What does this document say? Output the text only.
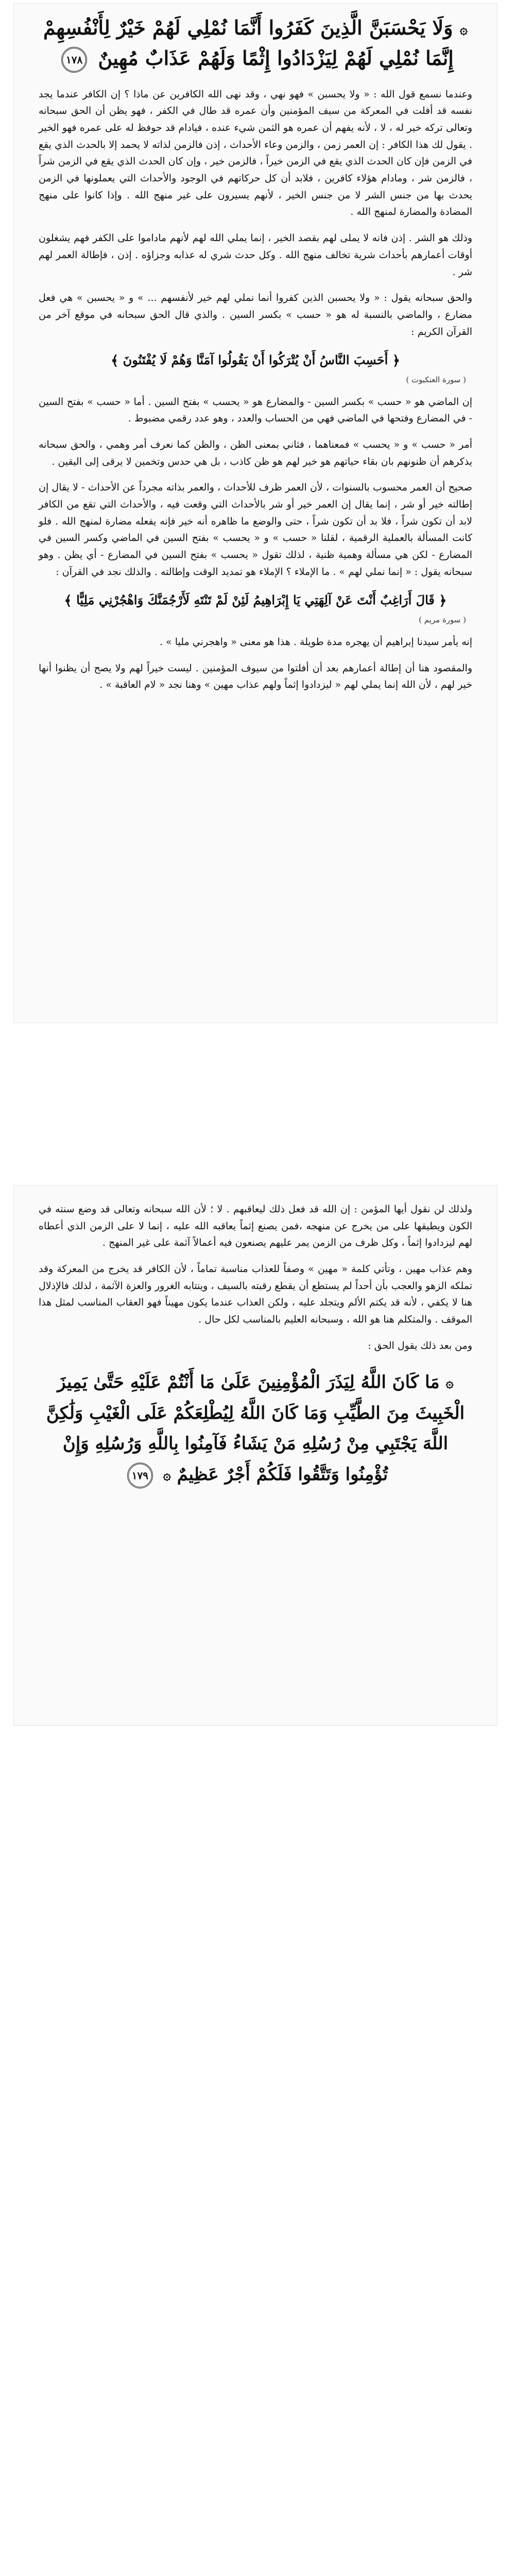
۞ وَلَا يَحْسَبَنَّ الَّذِينَ كَفَرُوا أَنَّمَا نُمْلِي لَهُمْ خَيْرٌ لِأَنْفُسِهِمْ إِنَّمَا نُمْلِي لَهُمْ لِيَزْدَادُوا إِثْمًا وَلَهُمْ عَذَابٌ مُهِينٌ ١٧٨

وعندما نسمع قول الله : « ولا يحسبن » فهو نهي ، وقد نهى الله الكافرين عن ماذا ؟ إن الكافر عندما يجد نفسه قد أفلت في المعركة من سيف المؤمنين وأن عمره قد طال في الكفر ، فهو يظن أن الحق سبحانه وتعالى تركه خير له ، لا ، لأنه يفهم أن عمره هو الثمن شيء عنده ، فيادام قد حوفظ له على عمره فهو الخير . يقول لك هذا الكافر : إن العمر زمن ، والزمن وعاء الأحداث ، إذن فالزمن لذاته لا يحمد إلا بالحدث الذي يقع في الزمن فإن كان الحدث الذي يقع في الزمن خيراً ، فالزمن خير ، وإن كان الحدث الذي يقع في الزمن شراً ، فالزمن شر ، ومادام هؤلاء كافرين ، فلابد أن كل حركاتهم في الوجود والأحداث التي يعملونها في الزمن يحدث بها من جنس الشر لا من جنس الخير ، لأنهم يسيرون على غير منهج الله . وإذا كانوا على منهج المضادة والمضارة لمنهج الله .

وذلك هو الشر . إذن فانه لا يملى لهم بقصد الخير ، إنما يملي الله لهم لأنهم ماداموا على الكفر فهم يشغلون أوقات أعمارهم بأحداث شرية تخالف منهج الله . وكل حدث شري له عذابه وجزاؤه . إذن ، فإطالة العمر لهم شر .

والحق سبحانه يقول : « ولا يحسبن الذين كفروا أنما نملي لهم خير لأنفسهم ... » و « يحسبن » هي فعل مضارع ، والماضي بالنسبة له هو « حسب » بكسر السين . والذي قال الحق سبحانه في موقع آخر من القرآن الكريم :

﴿ أَحَسِبَ النَّاسُ أَنْ يُتْرَكُوا أَنْ يَقُولُوا آمَنَّا وَهُمْ لَا يُفْتَنُونَ ﴾
( سورة العنكبوت )

إن الماضي هو « حسب » بكسر السين - والمضارع هو « يحسب » بفتح السين . أما « حسب » بفتح السين - في المضارع وفتحها في الماضي فهي من الحساب والعدد ، وهو عدد رقمي مضبوط .

أمر « حسب » و « يحسب » فمعناهما ، فثاني بمعنى الظن ، والظن كما نعرف أمر وهمي ، والحق سبحانه يذكرهم أن ظنونهم بان بقاء حياتهم هو خير لهم هو ظن كاذب ، بل هي حدس وتخمين لا يرقى إلى اليقين .

صحيح أن العمر محسوب بالسنوات ، لأن العمر ظرف للأحداث ، والعمر بذاته مجرداً عن الأحداث - لا يقال إن إطالته خير أو شر ، إنما يقال إن العمر خير أو شر بالأحداث التي وقعت فيه ، والأحداث التي تقع من الكافر لابد أن تكون شراً ، فلا بد أن تكون شراً ، حتى والوضع ما ظاهره أنه خير فإنه يفعله مضارة لمنهج الله . فلو كانت المسألة بالعملية الرقمية ، لقلنا « حسب » و « يحسب » بفتح السين في الماضي وكسر السين في المضارع - لكن هي مسألة وهمية ظنية ، لذلك تقول « يحسب » بفتح السين في المضارع - أي يظن . وهو سبحانه يقول : « إنما نملي لهم » . ما الإملاء ؟ الإملاء هو تمديد الوقت وإطالته . والذلك نجد في القرآن :

﴿ قَالَ أَرَاغِبٌ أَنْتَ عَنْ آلِهَتِي يَا إِبْرَاهِيمُ لَئِنْ لَمْ تَنْتَهِ لَأَرْجُمَنَّكَ وَاهْجُرْنِي مَلِيًّا ﴾
( سورة مريم )

إنه يأمر سيدنا إبراهيم أن يهجره مدة طويلة . هذا هو معنى « واهجرني مليا » .

والمقصود هنا أن إطالة أعمارهم بعد أن أفلتوا من سيوف المؤمنين . ليست خيراً لهم ولا يصح أن يظنوا أنها خير لهم ، لأن الله إنما يملي لهم « ليزدادوا إثماً ولهم عذاب مهين » وهنا نجد « لام العاقبة » .

ولذلك لن نقول أيها المؤمن : إن الله قد فعل ذلك ليعاقبهم . لا ؛ لأن الله سبحانه وتعالى قد وضع سنته في الكون ويطيقها على من يخرج عن منهجه ،فمن يصنع إثماً يعاقبه الله عليه ، إنما لا على الزمن الذي أعطاه لهم ليزدادوا إثماً ، وكل ظرف من الزمن يمر عليهم يصنعون فيه أعمالاً آثمة على غير المنهج .

وهم عذاب مهين ، وتأتي كلمة « مهين » وصفاً للعذاب مناسبة تماماً ، لأن الكافر قد يخرج من المعركة وقد تملكه الزهو والعجب بأن أحداً لم يستطع أن يقطع رقبته بالسيف ، وينتابه الغرور والعزة الآثمة ، لذلك فالإذلال هنا لا يكفي ، لأنه قد يكتم الألم ويتجلد عليه ، ولكن العذاب عندما يكون مهيناً فهو العقاب المناسب لمثل هذا الموقف . والمتكلم هنا هو الله ، وسبحانه العليم بالمناسب لكل حال .

ومن بعد ذلك يقول الحق :

۞ مَا كَانَ اللَّهُ لِيَذَرَ الْمُؤْمِنِينَ عَلَىٰ مَا أَنْتُمْ عَلَيْهِ حَتَّىٰ يَمِيزَ الْخَبِيثَ مِنَ الطَّيِّبِ وَمَا كَانَ اللَّهُ لِيُطْلِعَكُمْ عَلَى الْغَيْبِ وَلَٰكِنَّ اللَّهَ يَجْتَبِي مِنْ رُسُلِهِ مَنْ يَشَاءُ فَآمِنُوا بِاللَّهِ وَرُسُلِهِ وَإِنْ تُؤْمِنُوا وَتَتَّقُوا فَلَكُمْ أَجْرٌ عَظِيمٌ ۞ ١٧٩
